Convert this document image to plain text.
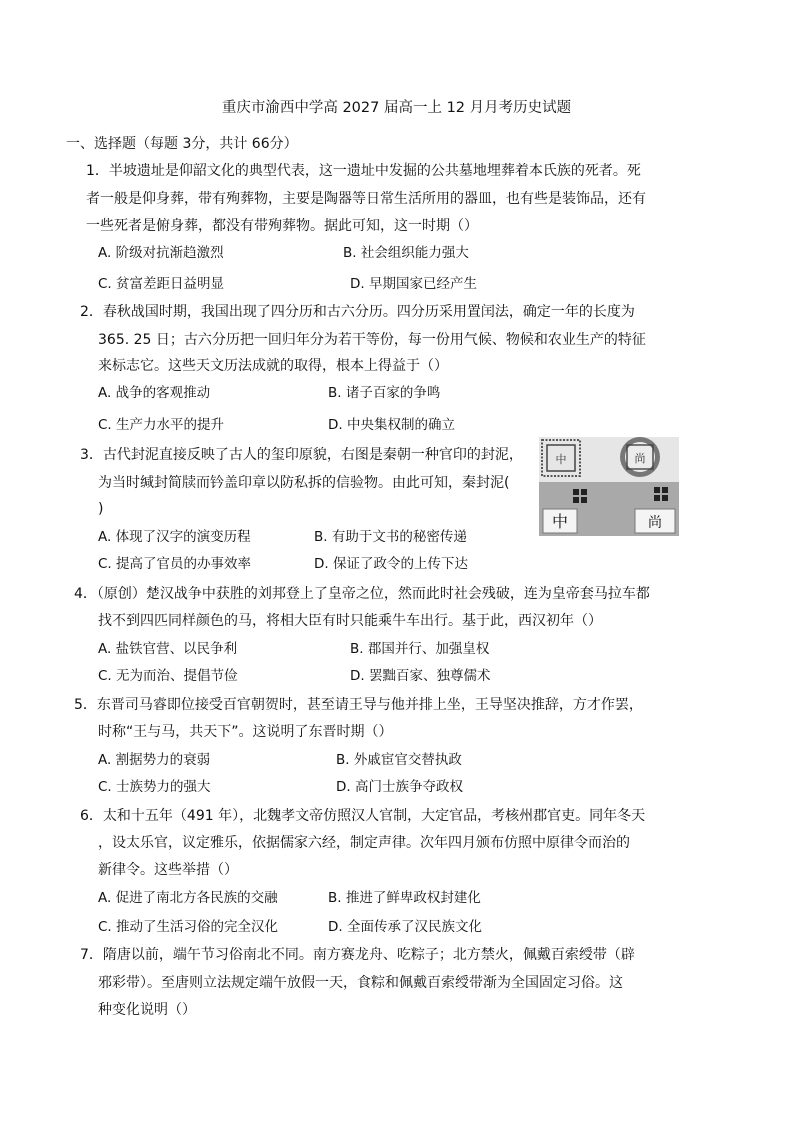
重庆市渝西中学高 2027 届高一上 12 月月考历史试题
一、选择题（每题 3分，共计 66分）
1．半坡遗址是仰韶文化的典型代表，这一遗址中发掘的公共墓地埋葬着本氏族的死者。死
者一般是仰身葬，带有殉葬物，主要是陶器等日常生活所用的器皿，也有些是装饰品，还有
一些死者是俯身葬，都没有带殉葬物。据此可知，这一时期（）
A. 阶级对抗渐趋激烈	B. 社会组织能力强大
C. 贫富差距日益明显	D. 早期国家已经产生
2．春秋战国时期，我国出现了四分历和古六分历。四分历采用置闰法，确定一年的长度为
365. 25 日；古六分历把一回归年分为若干等份，每一份用气候、物候和农业生产的特征
来标志它。这些天文历法成就的取得，根本上得益于（）
A. 战争的客观推动	B. 诸子百家的争鸣
C. 生产力水平的提升	D. 中央集权制的确立
3．古代封泥直接反映了古人的玺印原貌，右图是秦朝一种官印的封泥，
为当时缄封简牍而钤盖印章以防私拆的信验物。由此可知，秦封泥(
)
A. 体现了汉字的演变历程	B. 有助于文书的秘密传递
C. 提高了官员的办事效率	D. 保证了政令的上传下达
中	尚
中	尚
4．（原创）楚汉战争中获胜的刘邦登上了皇帝之位，然而此时社会残破，连为皇帝套马拉车都
找不到四匹同样颜色的马，将相大臣有时只能乘牛车出行。基于此，西汉初年（）
A. 盐铁官营、以民争利	B. 郡国并行、加强皇权
C. 无为而治、提倡节俭	D. 罢黜百家、独尊儒术
5．东晋司马睿即位接受百官朝贺时，甚至请王导与他并排上坐，王导坚决推辞，方才作罢，
时称“王与马，共天下”。这说明了东晋时期（）
A. 割据势力的衰弱	B. 外戚宦官交替执政
C. 士族势力的强大	D. 高门士族争夺政权
6．太和十五年（491 年），北魏孝文帝仿照汉人官制，大定官品，考核州郡官吏。同年冬天
，设太乐官，议定雅乐，依据儒家六经，制定声律。次年四月颁布仿照中原律令而治的
新律令。这些举措（）
A. 促进了南北方各民族的交融	B. 推进了鲜卑政权封建化
C. 推动了生活习俗的完全汉化	D. 全面传承了汉民族文化
7．隋唐以前，端午节习俗南北不同。南方赛龙舟、吃粽子；北方禁火，佩戴百索绶带（辟
邪彩带）。至唐则立法规定端午放假一天，食粽和佩戴百索绶带渐为全国固定习俗。这
种变化说明（）
